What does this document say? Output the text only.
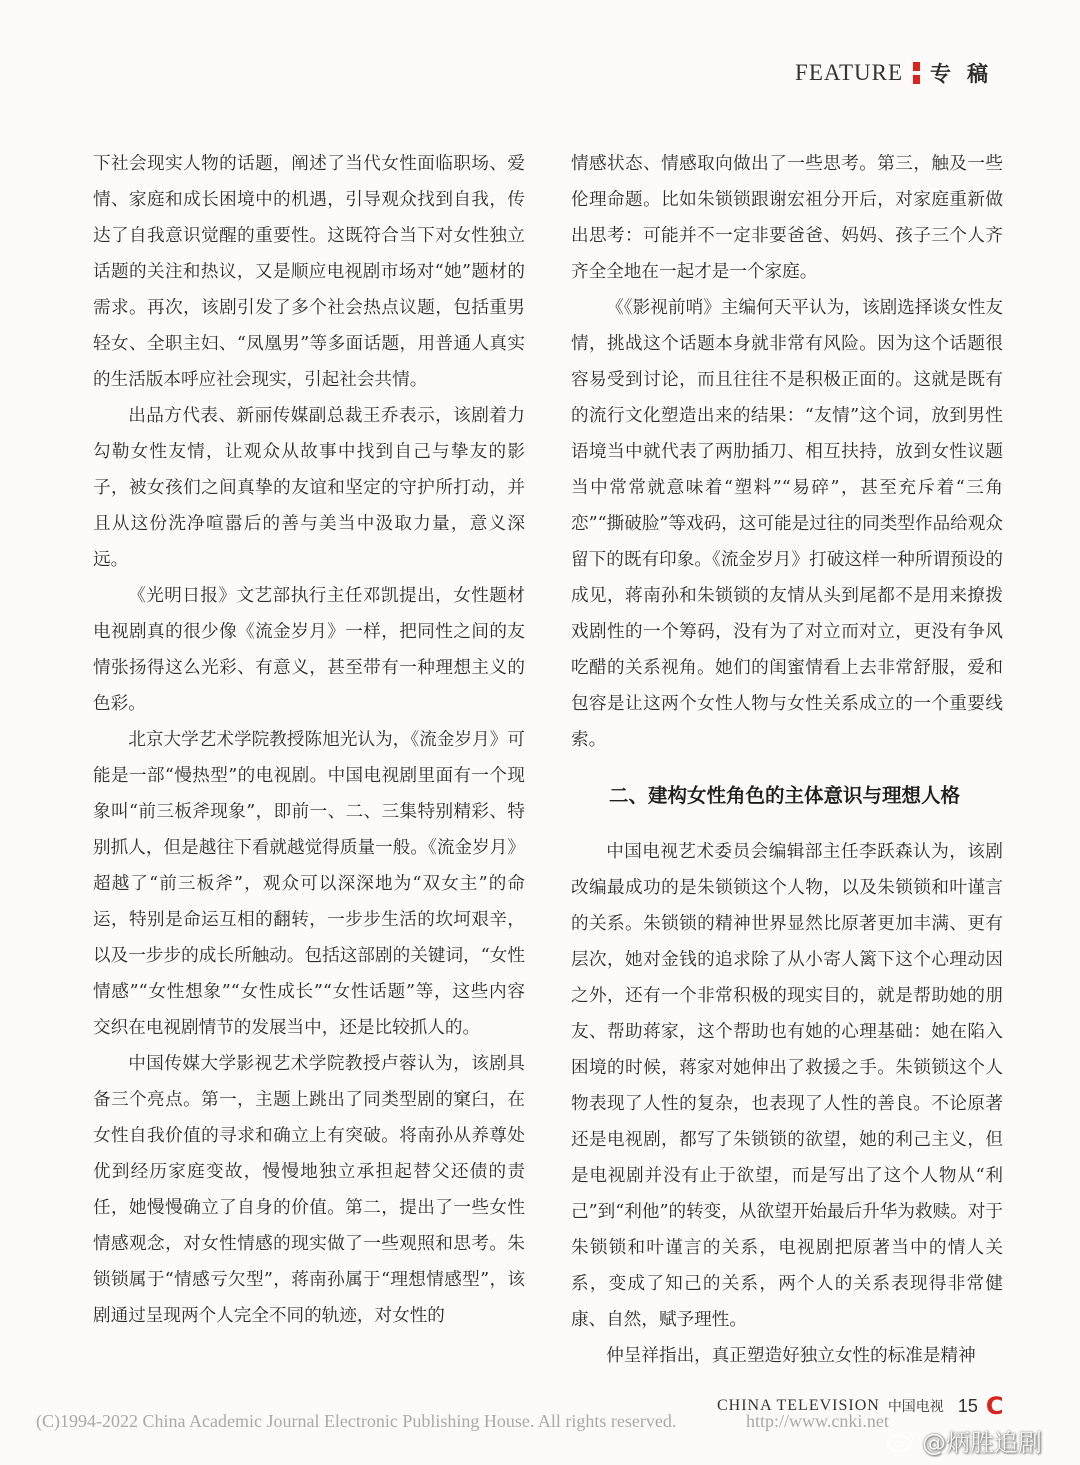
FEATURE 专稿

下社会现实人物的话题，阐述了当代女性面临职场、爱情、家庭和成长困境中的机遇，引导观众找到自我，传达了自我意识觉醒的重要性。这既符合当下对女性独立话题的关注和热议，又是顺应电视剧市场对“她”题材的需求。再次，该剧引发了多个社会热点议题，包括重男轻女、全职主妇、“凤凰男”等多面话题，用普通人真实的生活版本呼应社会现实，引起社会共情。

出品方代表、新丽传媒副总裁王乔表示，该剧着力勾勒女性友情，让观众从故事中找到自己与挚友的影子，被女孩们之间真挚的友谊和坚定的守护所打动，并且从这份洗净喧嚣后的善与美当中汲取力量，意义深远。

《光明日报》文艺部执行主任邓凯提出，女性题材电视剧真的很少像《流金岁月》一样，把同性之间的友情张扬得这么光彩、有意义，甚至带有一种理想主义的色彩。

北京大学艺术学院教授陈旭光认为，《流金岁月》可能是一部“慢热型”的电视剧。中国电视剧里面有一个现象叫“前三板斧现象”，即前一、二、三集特别精彩、特别抓人，但是越往下看就越觉得质量一般。《流金岁月》超越了“前三板斧”，观众可以深深地为“双女主”的命运，特别是命运互相的翻转，一步步生活的坎坷艰辛，以及一步步的成长所触动。包括这部剧的关键词，“女性情感”“女性想象”“女性成长”“女性话题”等，这些内容交织在电视剧情节的发展当中，还是比较抓人的。

中国传媒大学影视艺术学院教授卢蓉认为，该剧具备三个亮点。第一，主题上跳出了同类型剧的窠臼，在女性自我价值的寻求和确立上有突破。将南孙从养尊处优到经历家庭变故，慢慢地独立承担起替父还债的责任，她慢慢确立了自身的价值。第二，提出了一些女性情感观念，对女性情感的现实做了一些观照和思考。朱锁锁属于“情感亏欠型”，蒋南孙属于“理想情感型”，该剧通过呈现两个人完全不同的轨迹，对女性的

情感状态、情感取向做出了一些思考。第三，触及一些伦理命题。比如朱锁锁跟谢宏祖分开后，对家庭重新做出思考：可能并不一定非要爸爸、妈妈、孩子三个人齐齐全全地在一起才是一个家庭。

《《影视前哨》主编何天平认为，该剧选择谈女性友情，挑战这个话题本身就非常有风险。因为这个话题很容易受到讨论，而且往往不是积极正面的。这就是既有的流行文化塑造出来的结果：“友情”这个词，放到男性语境当中就代表了两肋插刀、相互扶持，放到女性议题当中常常就意味着“塑料”“易碎”，甚至充斥着“三角恋”“撕破脸”等戏码，这可能是过往的同类型作品给观众留下的既有印象。《流金岁月》打破这样一种所谓预设的成见，蒋南孙和朱锁锁的友情从头到尾都不是用来撩拨戏剧性的一个筹码，没有为了对立而对立，更没有争风吃醋的关系视角。她们的闺蜜情看上去非常舒服，爱和包容是让这两个女性人物与女性关系成立的一个重要线索。

二、建构女性角色的主体意识与理想人格

中国电视艺术委员会编辑部主任李跃森认为，该剧改编最成功的是朱锁锁这个人物，以及朱锁锁和叶谨言的关系。朱锁锁的精神世界显然比原著更加丰满、更有层次，她对金钱的追求除了从小寄人篱下这个心理动因之外，还有一个非常积极的现实目的，就是帮助她的朋友、帮助蒋家，这个帮助也有她的心理基础：她在陷入困境的时候，蒋家对她伸出了救援之手。朱锁锁这个人物表现了人性的复杂，也表现了人性的善良。不论原著还是电视剧，都写了朱锁锁的欲望，她的利己主义，但是电视剧并没有止于欲望，而是写出了这个人物从“利己”到“利他”的转变，从欲望开始最后升华为救赎。对于朱锁锁和叶谨言的关系，电视剧把原著当中的情人关系，变成了知己的关系，两个人的关系表现得非常健康、自然，赋予理性。

仲呈祥指出，真正塑造好独立女性的标准是精神

CHINA TELEVISION 中国电视 15 C
(C)1994-2022 China Academic Journal Electronic Publishing House. All rights reserved.	http://www.cnki.net
@炳胜追剧
